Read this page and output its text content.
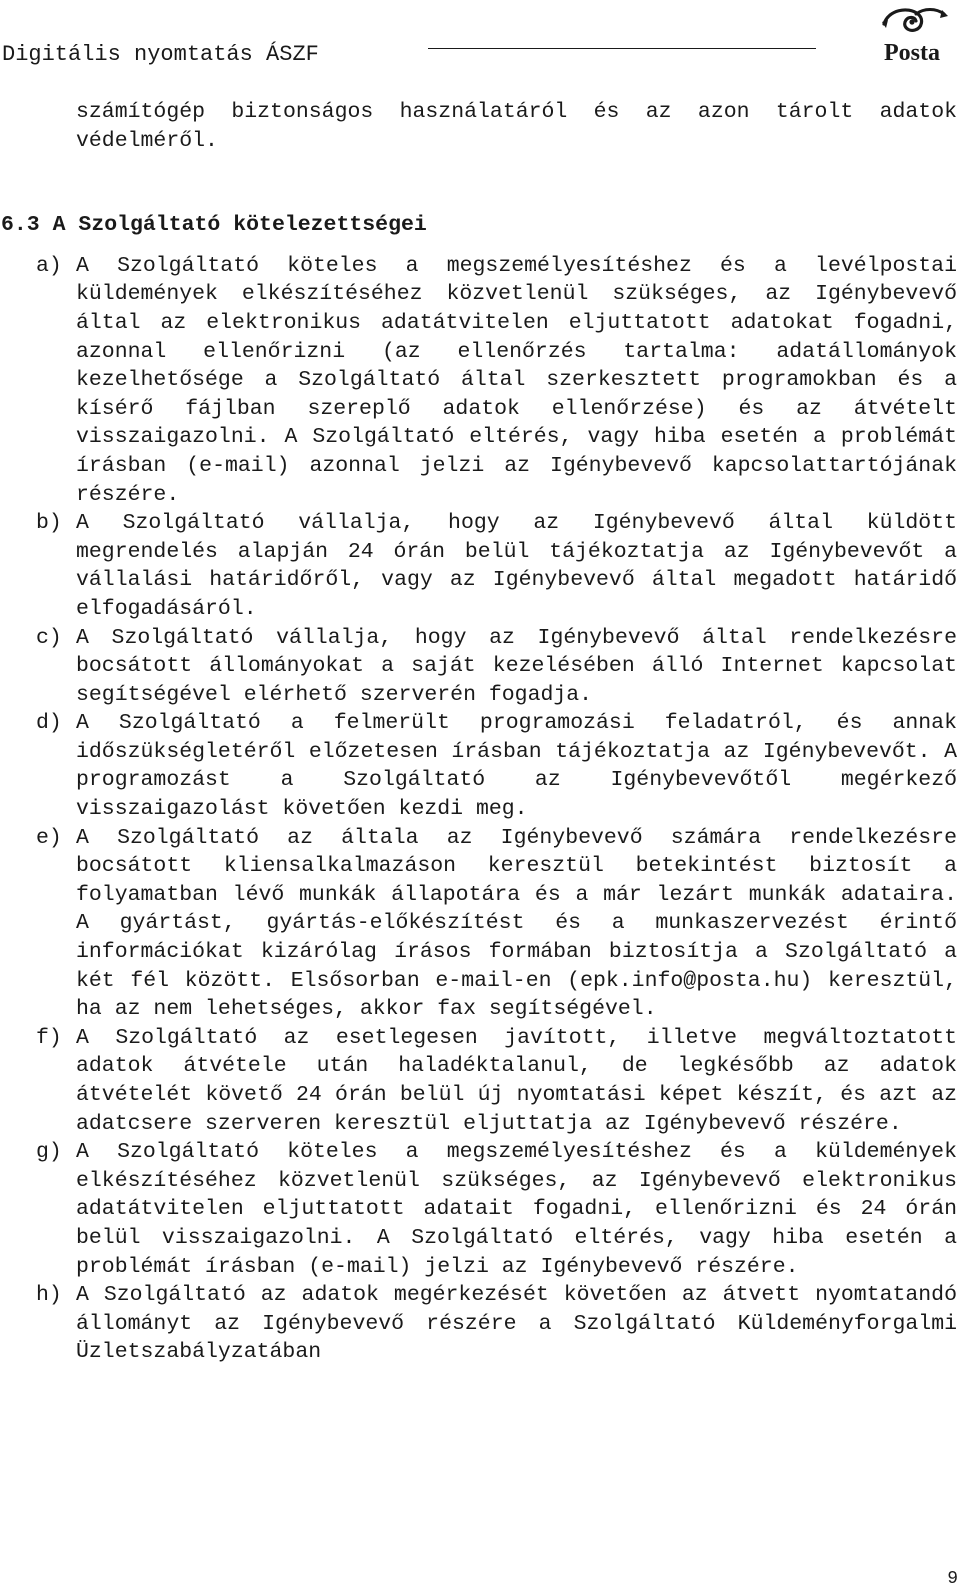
Digitális nyomtatás ÁSZF	Posta
számítógép biztonságos használatáról és az azon tárolt adatok védelméről.
6.3 A Szolgáltató kötelezettségei
a) A Szolgáltató köteles a megszemélyesítéshez és a levélpostai küldemények elkészítéséhez közvetlenül szükséges, az Igénybevevő által az elektronikus adatátvitelen eljuttatott adatokat fogadni, azonnal ellenőrizni (az ellenőrzés tartalma: adatállományok kezelhetősége a Szolgáltató által szerkesztett programokban és a kísérő fájlban szereplő adatok ellenőrzése) és az átvételt visszaigazolni. A Szolgáltató eltérés, vagy hiba esetén a problémát írásban (e-mail) azonnal jelzi az Igénybevevő kapcsolattartójának részére.
b) A Szolgáltató vállalja, hogy az Igénybevevő által küldött megrendelés alapján 24 órán belül tájékoztatja az Igénybevevőt a vállalási határidőről, vagy az Igénybevevő által megadott határidő elfogadásáról.
c) A Szolgáltató vállalja, hogy az Igénybevevő által rendelkezésre bocsátott állományokat a saját kezelésében álló Internet kapcsolat segítségével elérhető szerverén fogadja.
d) A Szolgáltató a felmerült programozási feladatról, és annak időszükségletéről előzetesen írásban tájékoztatja az Igénybevevőt. A programozást a Szolgáltató az Igénybevevőtől megérkező visszaigazolást követően kezdi meg.
e) A Szolgáltató az általa az Igénybevevő számára rendelkezésre bocsátott kliensalkalmazáson keresztül betekintést biztosít a folyamatban lévő munkák állapotára és a már lezárt munkák adataira. A gyártást, gyártás-előkészítést és a munkaszervezést érintő információkat kizárólag írásos formában biztosítja a Szolgáltató a két fél között. Elsősorban e-mail-en (epk.info@posta.hu) keresztül, ha az nem lehetséges, akkor fax segítségével.
f) A Szolgáltató az esetlegesen javított, illetve megváltoztatott adatok átvétele után haladéktalanul, de legkésőbb az adatok átvételét követő 24 órán belül új nyomtatási képet készít, és azt az adatcsere szerveren keresztül eljuttatja az Igénybevevő részére.
g) A Szolgáltató köteles a megszemélyesítéshez és a küldemények elkészítéséhez közvetlenül szükséges, az Igénybevevő elektronikus adatátvitelen eljuttatott adatait fogadni, ellenőrizni és 24 órán belül visszaigazolni. A Szolgáltató eltérés, vagy hiba esetén a problémát írásban (e-mail) jelzi az Igénybevevő részére.
h) A Szolgáltató az adatok megérkezését követően az átvett nyomtatandó állományt az Igénybevevő részére a Szolgáltató Küldeményforgalmi Üzletszabályzatában
9
